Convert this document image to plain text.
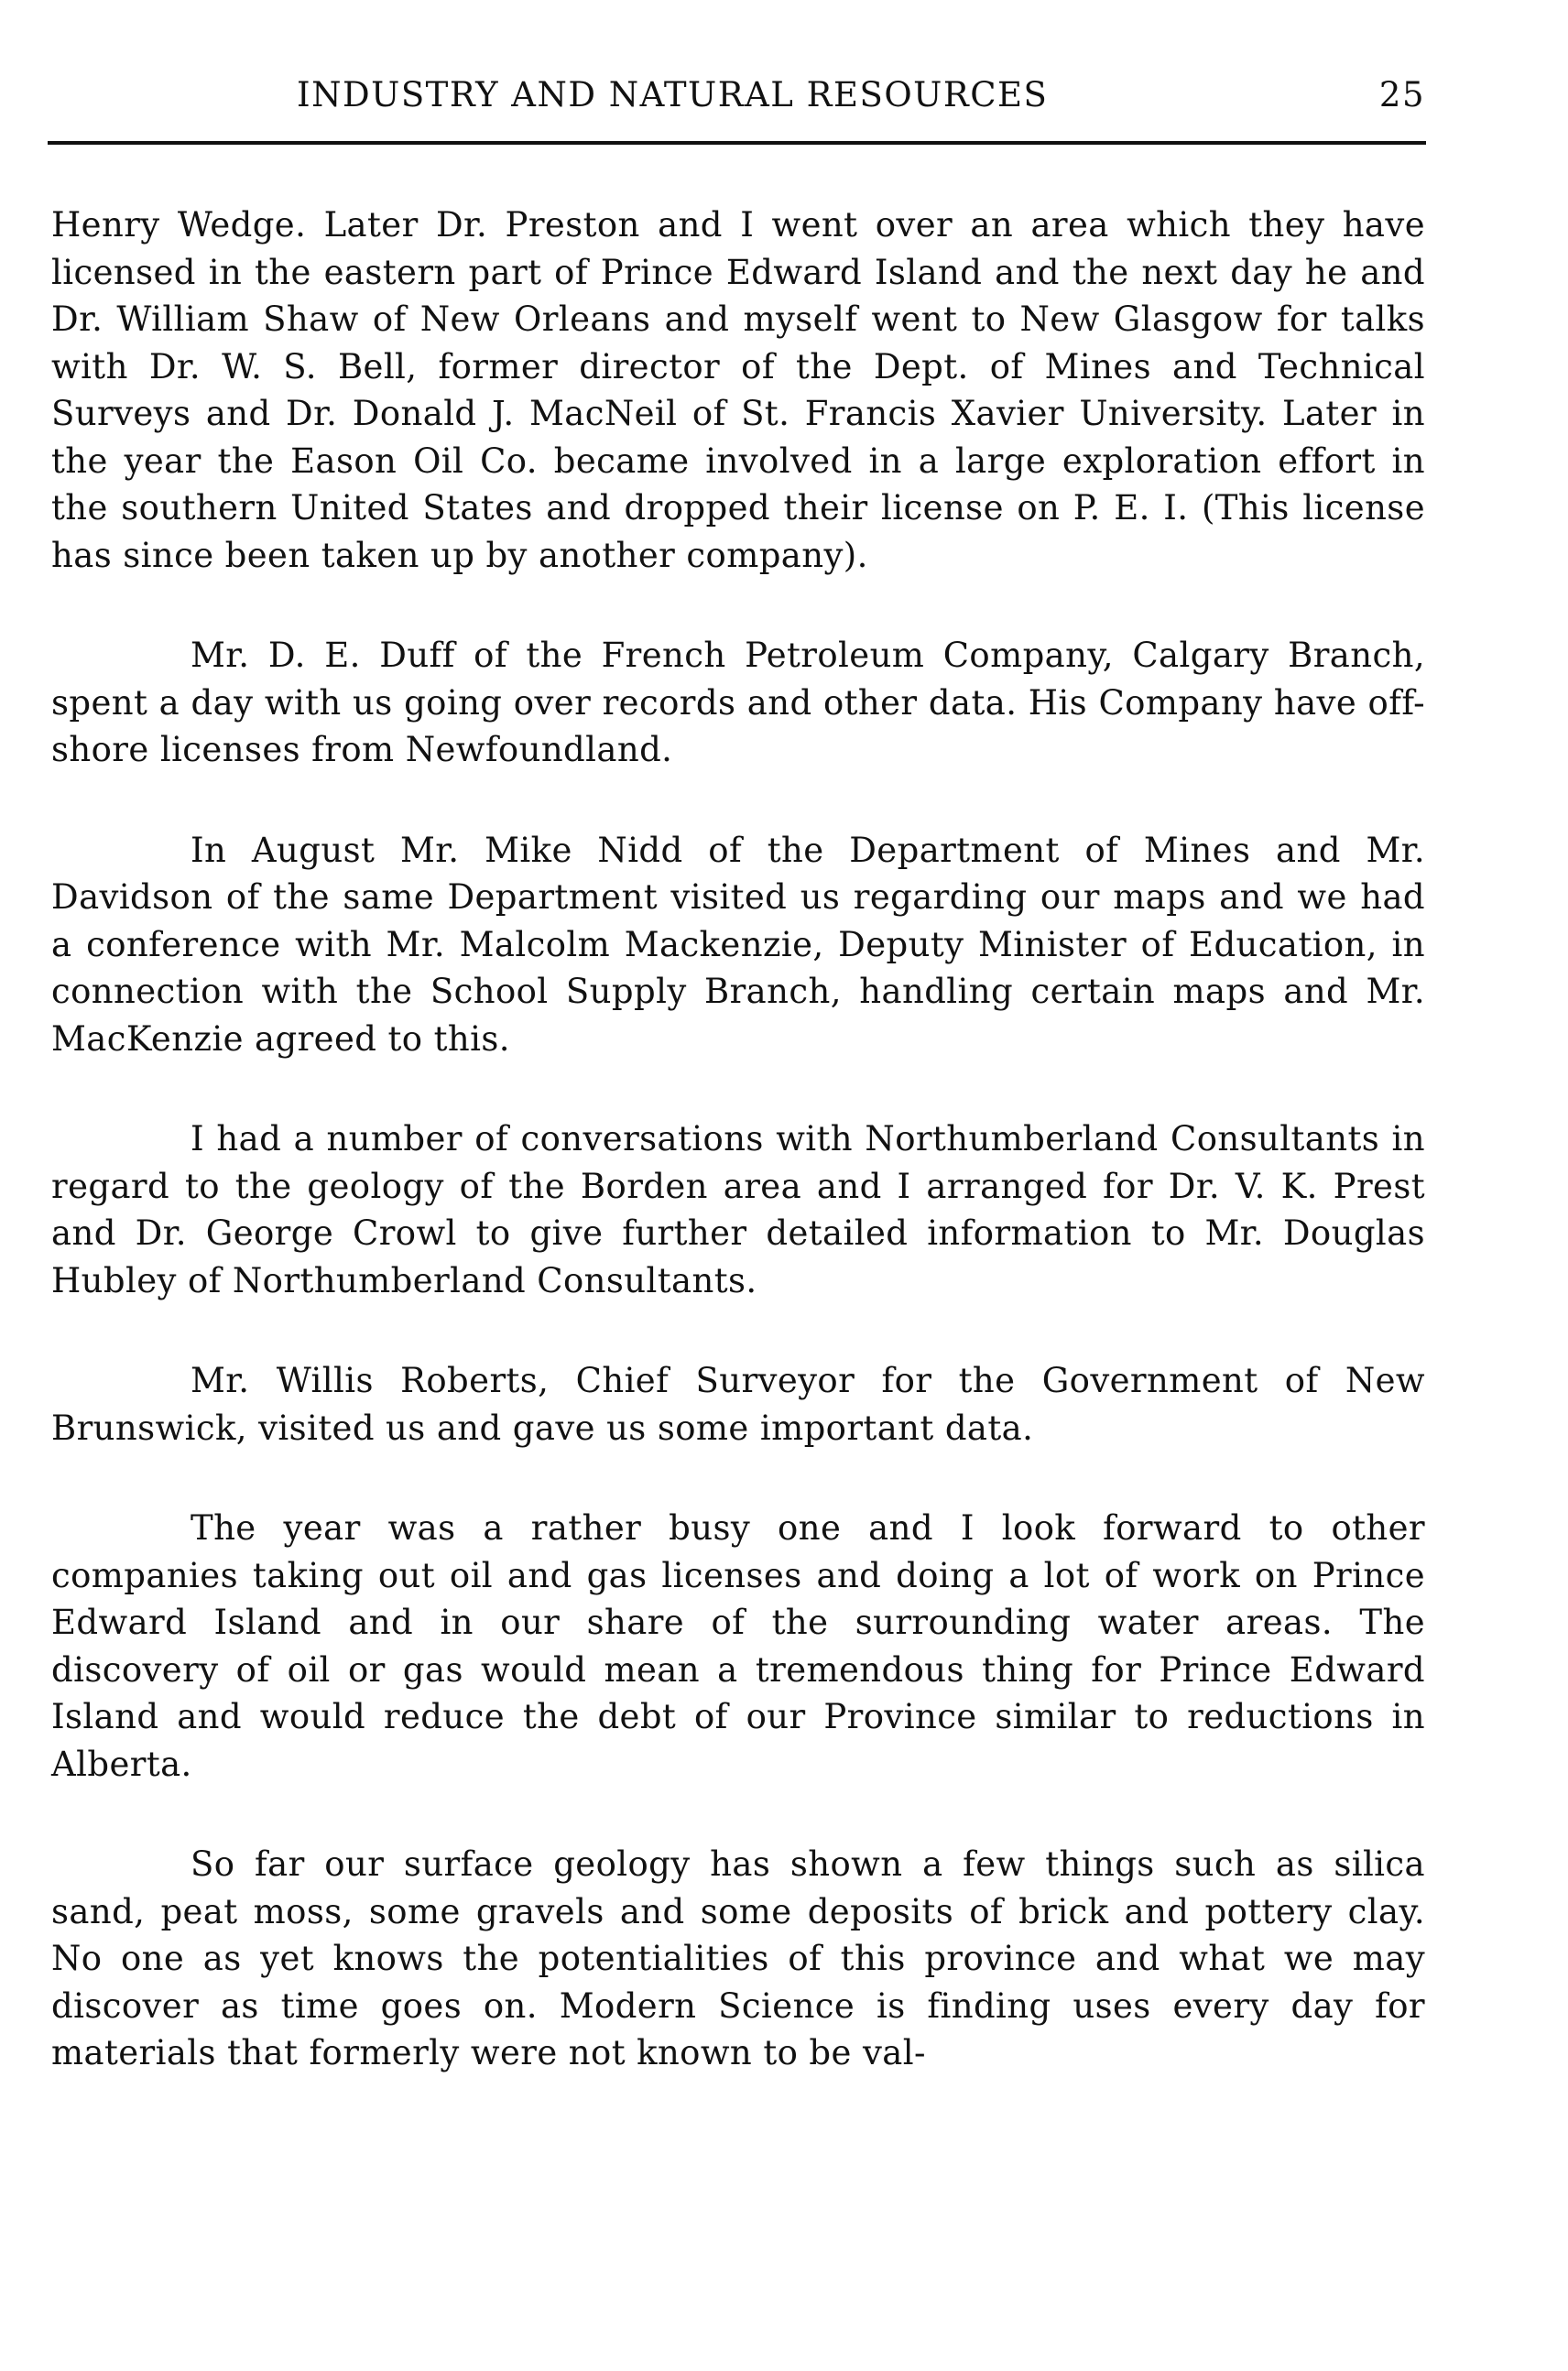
INDUSTRY AND NATURAL RESOURCES	25

Henry Wedge. Later Dr. Preston and I went over an area which they have licensed in the eastern part of Prince Edward Island and the next day he and Dr. William Shaw of New Orleans and myself went to New Glasgow for talks with Dr. W. S. Bell, former director of the Dept. of Mines and Technical Surveys and Dr. Donald J. MacNeil of St. Francis Xavier University. Later in the year the Eason Oil Co. became involved in a large exploration effort in the southern United States and dropped their license on P. E. I. (This license has since been taken up by another company).

Mr. D. E. Duff of the French Petroleum Company, Calgary Branch, spent a day with us going over records and other data. His Company have off-shore licenses from Newfoundland.

In August Mr. Mike Nidd of the Department of Mines and Mr. Davidson of the same Department visited us regarding our maps and we had a conference with Mr. Malcolm Mackenzie, Deputy Minister of Education, in connection with the School Supply Branch, handling certain maps and Mr. MacKenzie agreed to this.

I had a number of conversations with Northumberland Consultants in regard to the geology of the Borden area and I arranged for Dr. V. K. Prest and Dr. George Crowl to give further detailed information to Mr. Douglas Hubley of Northumberland Consultants.

Mr. Willis Roberts, Chief Surveyor for the Government of New Brunswick, visited us and gave us some important data.

The year was a rather busy one and I look forward to other companies taking out oil and gas licenses and doing a lot of work on Prince Edward Island and in our share of the surrounding water areas. The discovery of oil or gas would mean a tremendous thing for Prince Edward Island and would reduce the debt of our Province similar to reductions in Alberta.

So far our surface geology has shown a few things such as silica sand, peat moss, some gravels and some deposits of brick and pottery clay. No one as yet knows the potentialities of this province and what we may discover as time goes on. Modern Science is finding uses every day for materials that formerly were not known to be val-
